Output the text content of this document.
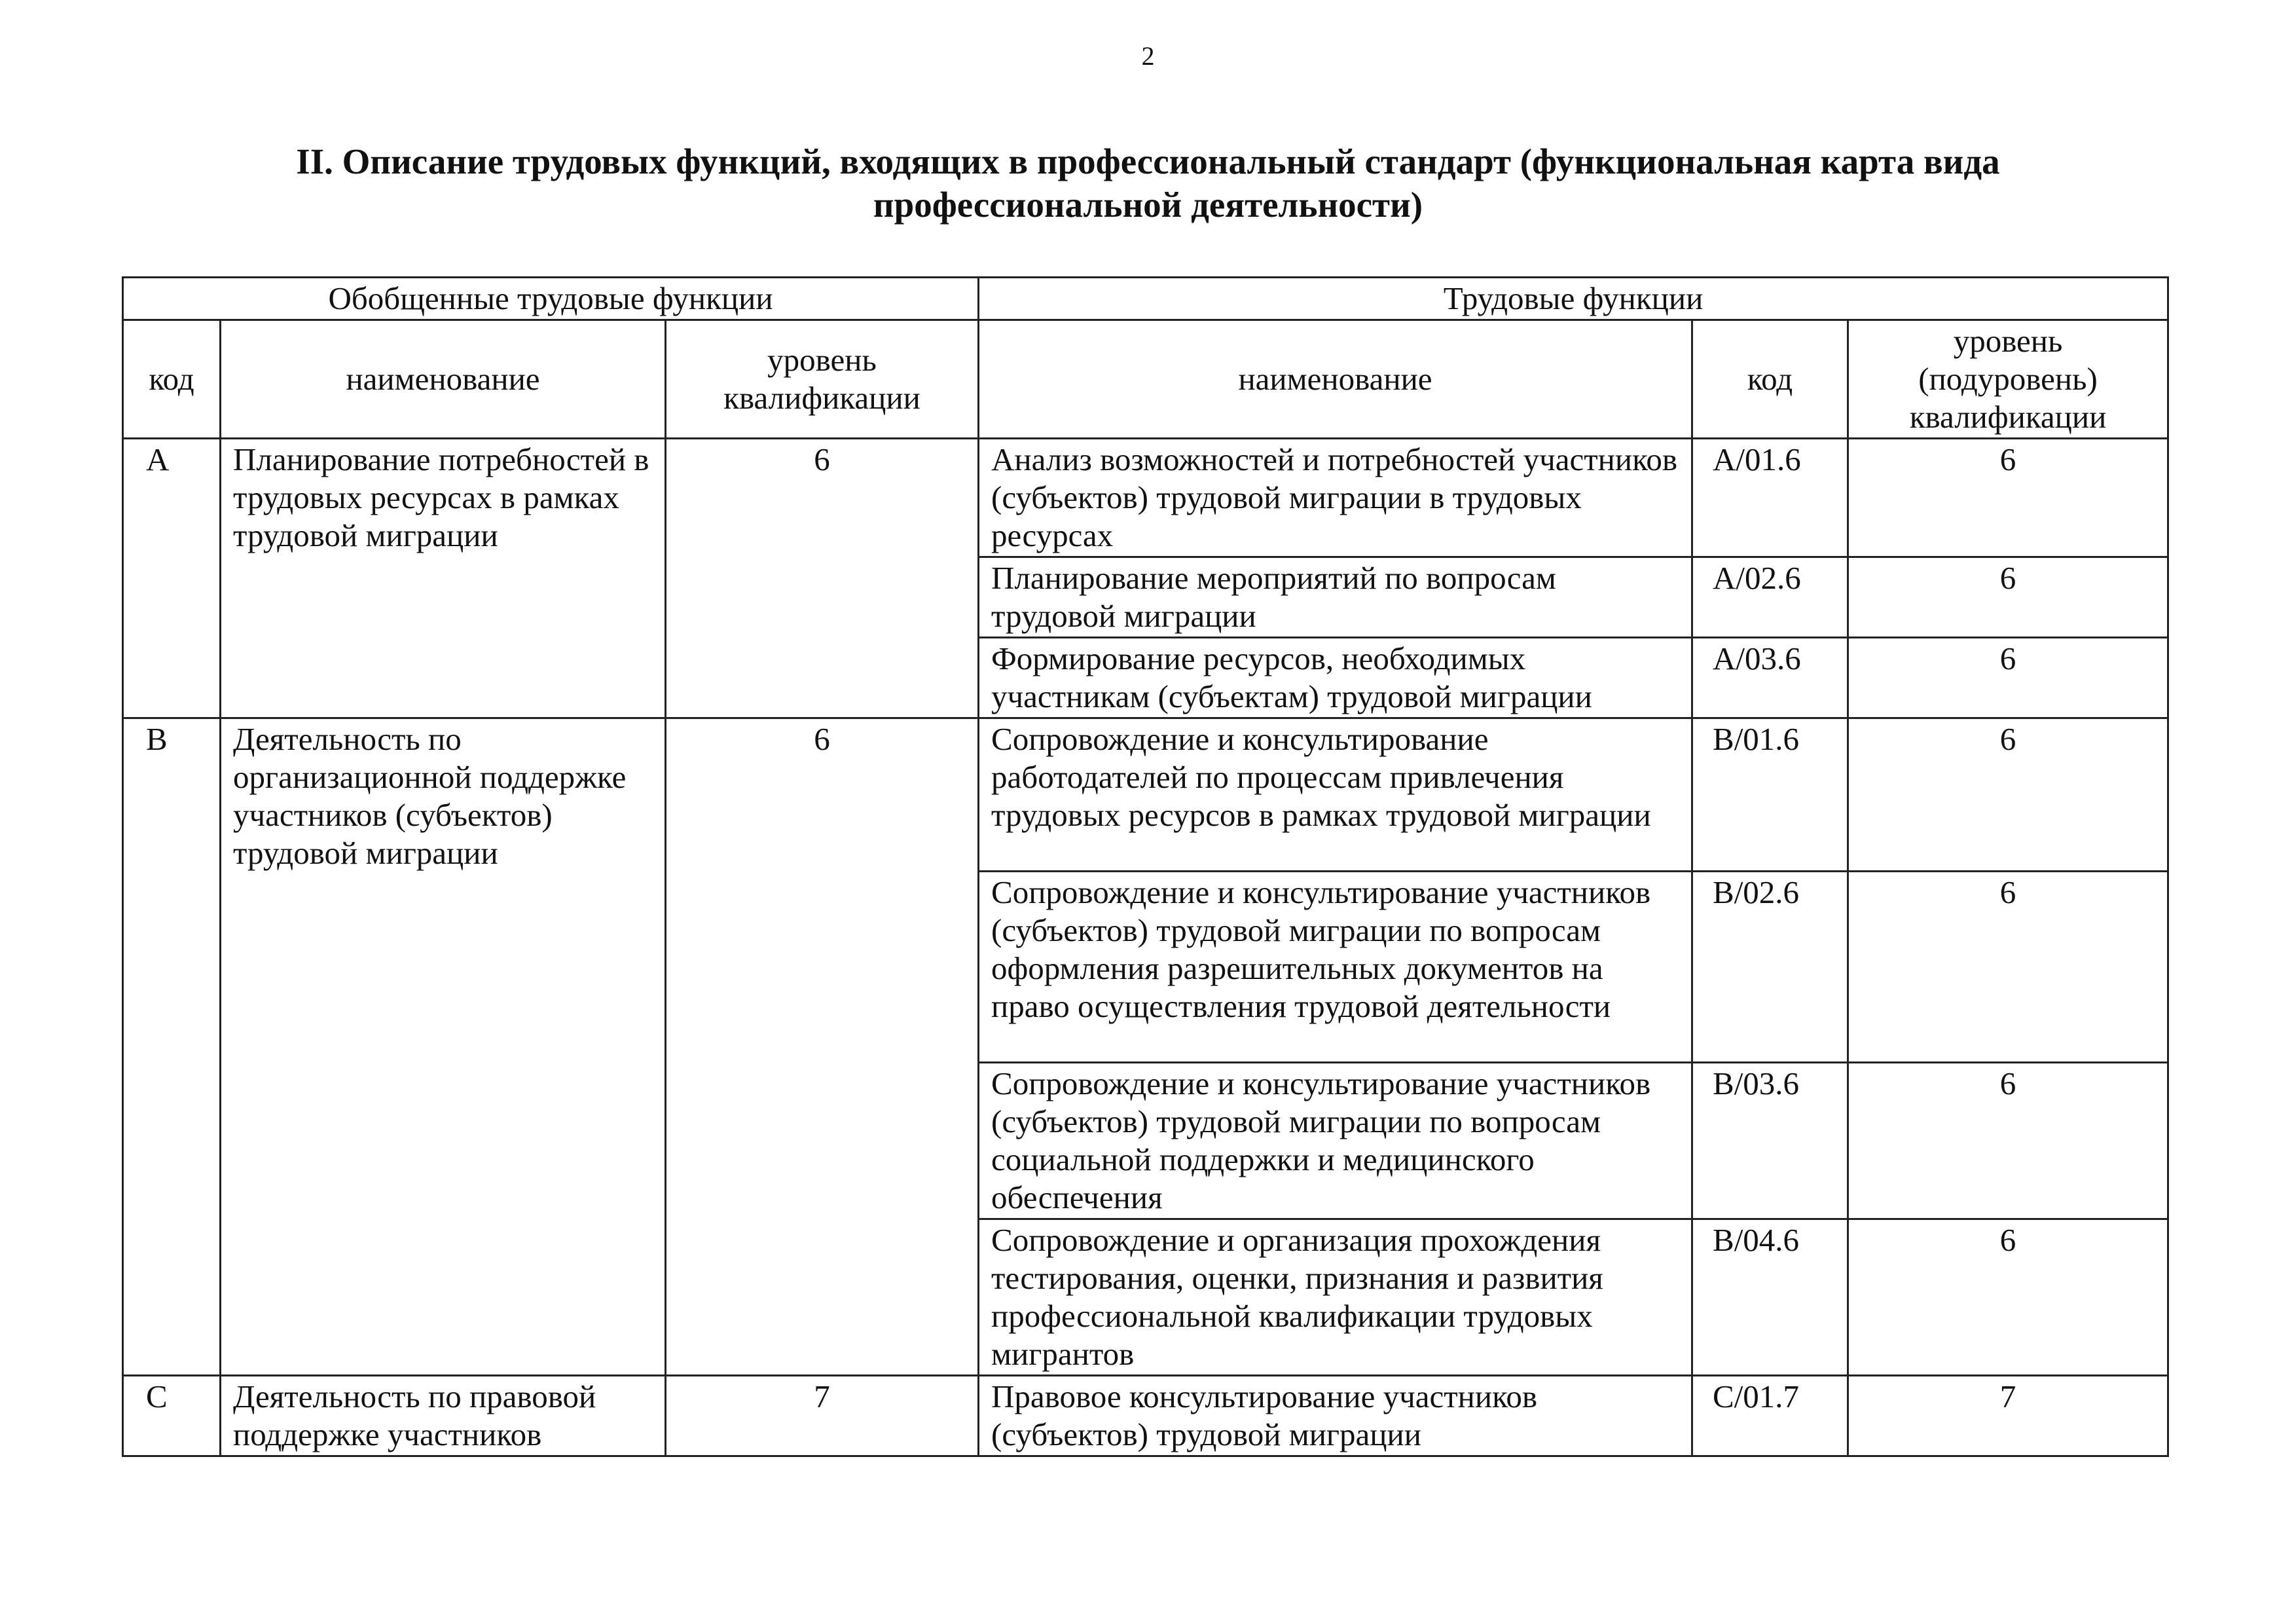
2
II. Описание трудовых функций, входящих в профессиональный стандарт (функциональная карта вида профессиональной деятельности)
Обобщенные трудовые функции			Трудовые функции		
код	наименование	уровень квалификации	наименование	код	уровень (подуровень) квалификации
A	Планирование потребностей в трудовых ресурсах в рамках трудовой миграции	6	Анализ возможностей и потребностей участников (субъектов) трудовой миграции в трудовых ресурсах	A/01.6	6
			Планирование мероприятий по вопросам трудовой миграции	A/02.6	6
			Формирование ресурсов, необходимых участникам (субъектам) трудовой миграции	A/03.6	6
B	Деятельность по организационной поддержке участников (субъектов) трудовой миграции	6	Сопровождение и консультирование работодателей по процессам привлечения трудовых ресурсов в рамках трудовой миграции	B/01.6	6
			Сопровождение и консультирование участников (субъектов) трудовой миграции по вопросам оформления разрешительных документов на право осуществления трудовой деятельности	B/02.6	6
			Сопровождение и консультирование участников (субъектов) трудовой миграции по вопросам социальной поддержки и медицинского обеспечения	B/03.6	6
			Сопровождение и организация прохождения тестирования, оценки, признания и развития профессиональной квалификации трудовых мигрантов	B/04.6	6
C	Деятельность по правовой поддержке участников	7	Правовое консультирование участников (субъектов) трудовой миграции	C/01.7	7
